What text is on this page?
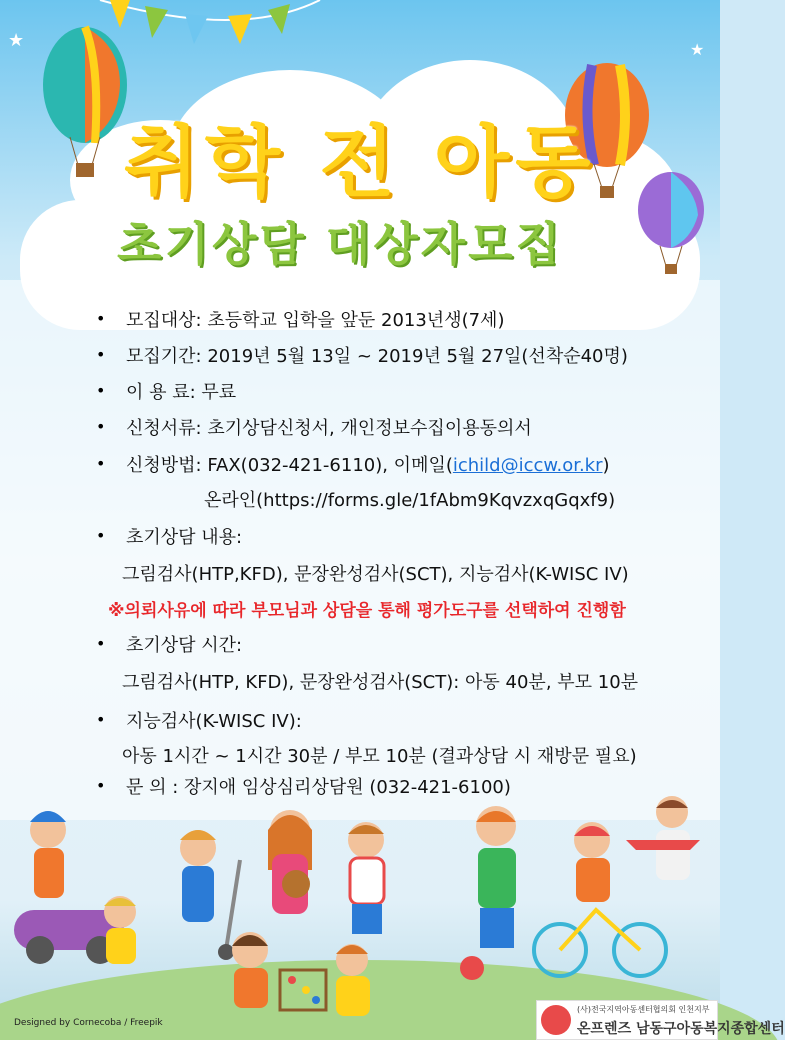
★	★
취학 전 아동
초기상담 대상자모집
• 모집대상: 초등학교 입학을 앞둔 2013년생(7세)
• 모집기간: 2019년 5월 13일 ~ 2019년 5월 27일(선착순40명)
• 이 용 료: 무료
• 신청서류: 초기상담신청서, 개인정보수집이용동의서
• 신청방법: FAX(032-421-6110), 이메일(ichild@iccw.or.kr)
온라인(https://forms.gle/1fAbm9KqvzxqGqxf9)
• 초기상담 내용:
그림검사(HTP,KFD), 문장완성검사(SCT), 지능검사(K-WISC IV)
※의뢰사유에 따라 부모님과 상담을 통해 평가도구를 선택하여 진행함
• 초기상담 시간:
그림검사(HTP, KFD), 문장완성검사(SCT): 아동 40분, 부모 10분
• 지능검사(K-WISC IV):
아동 1시간 ~ 1시간 30분 / 부모 10분 (결과상담 시 재방문 필요)
• 문 의 : 장지애 임상심리상담원 (032-421-6100)
Designed by Cornecoba / Freepik
(사)전국지역아동센터협의회 인천지부
온프렌즈 남동구아동복지종합센터
